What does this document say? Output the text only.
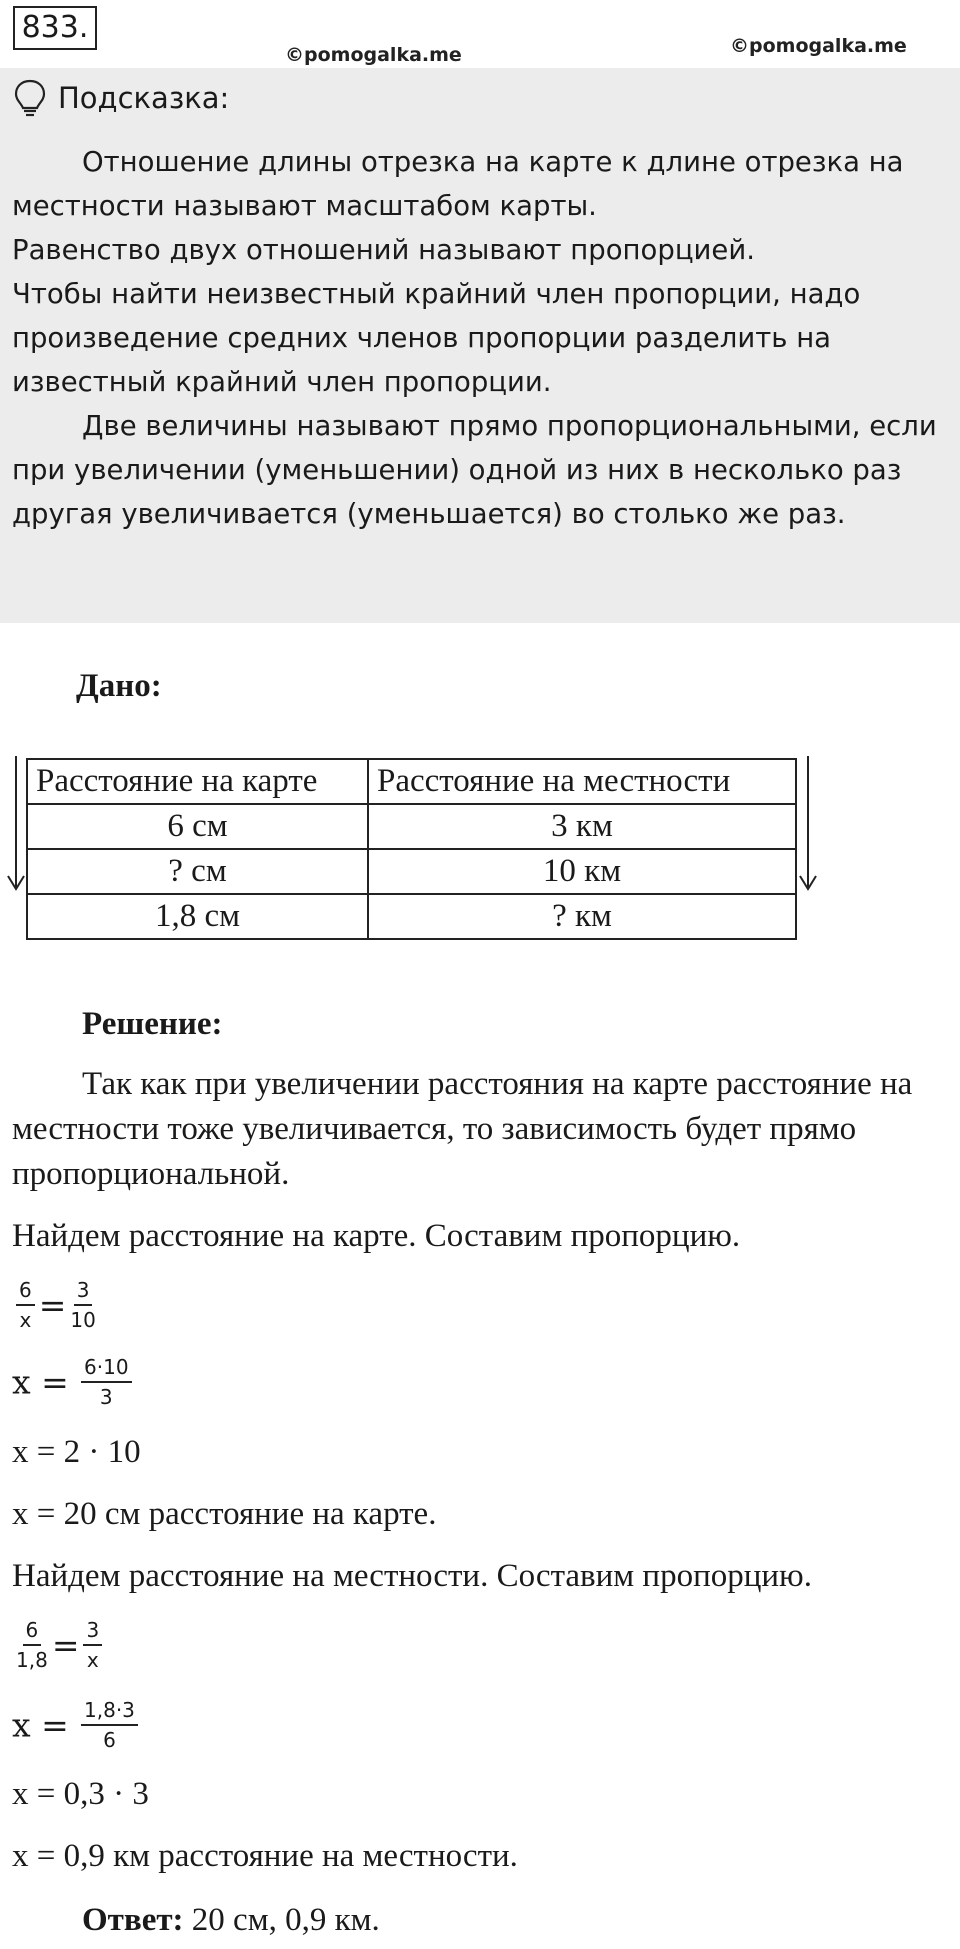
833.
©pomogalka.me	©pomogalka.me
Подсказка:

Отношение длины отрезка на карте к длине отрезка на местности называют масштабом карты.

Равенство двух отношений называют пропорцией.

Чтобы найти неизвестный крайний член пропорции, надо произведение средних членов пропорции разделить на известный крайний член пропорции.

Две величины называют прямо пропорциональными, если при увеличении (уменьшении) одной из них в несколько раз другая увеличивается (уменьшается) во столько же раз.

Дано:
Расстояние на карте	Расстояние на местности
6 см	3 км
? см	10 км
1,8 см	? км
Решение:

Так как при увеличении расстояния на карте расстояние на местности тоже увеличивается, то зависимость будет прямо пропорциональной.

Найдем расстояние на карте. Составим пропорцию.
$\frac{6}{x} = \frac{3}{10}$
$x = \frac{6\cdot 10}{3}$
x = 2 · 10
x = 20 см расстояние на карте.
Найдем расстояние на местности. Составим пропорцию.
$\frac{6}{1,8} = \frac{3}{x}$
$x = \frac{1,8\cdot 3}{6}$
x = 0,3 · 3
x = 0,9 км расстояние на местности.
Ответ: 20 см, 0,9 км.
